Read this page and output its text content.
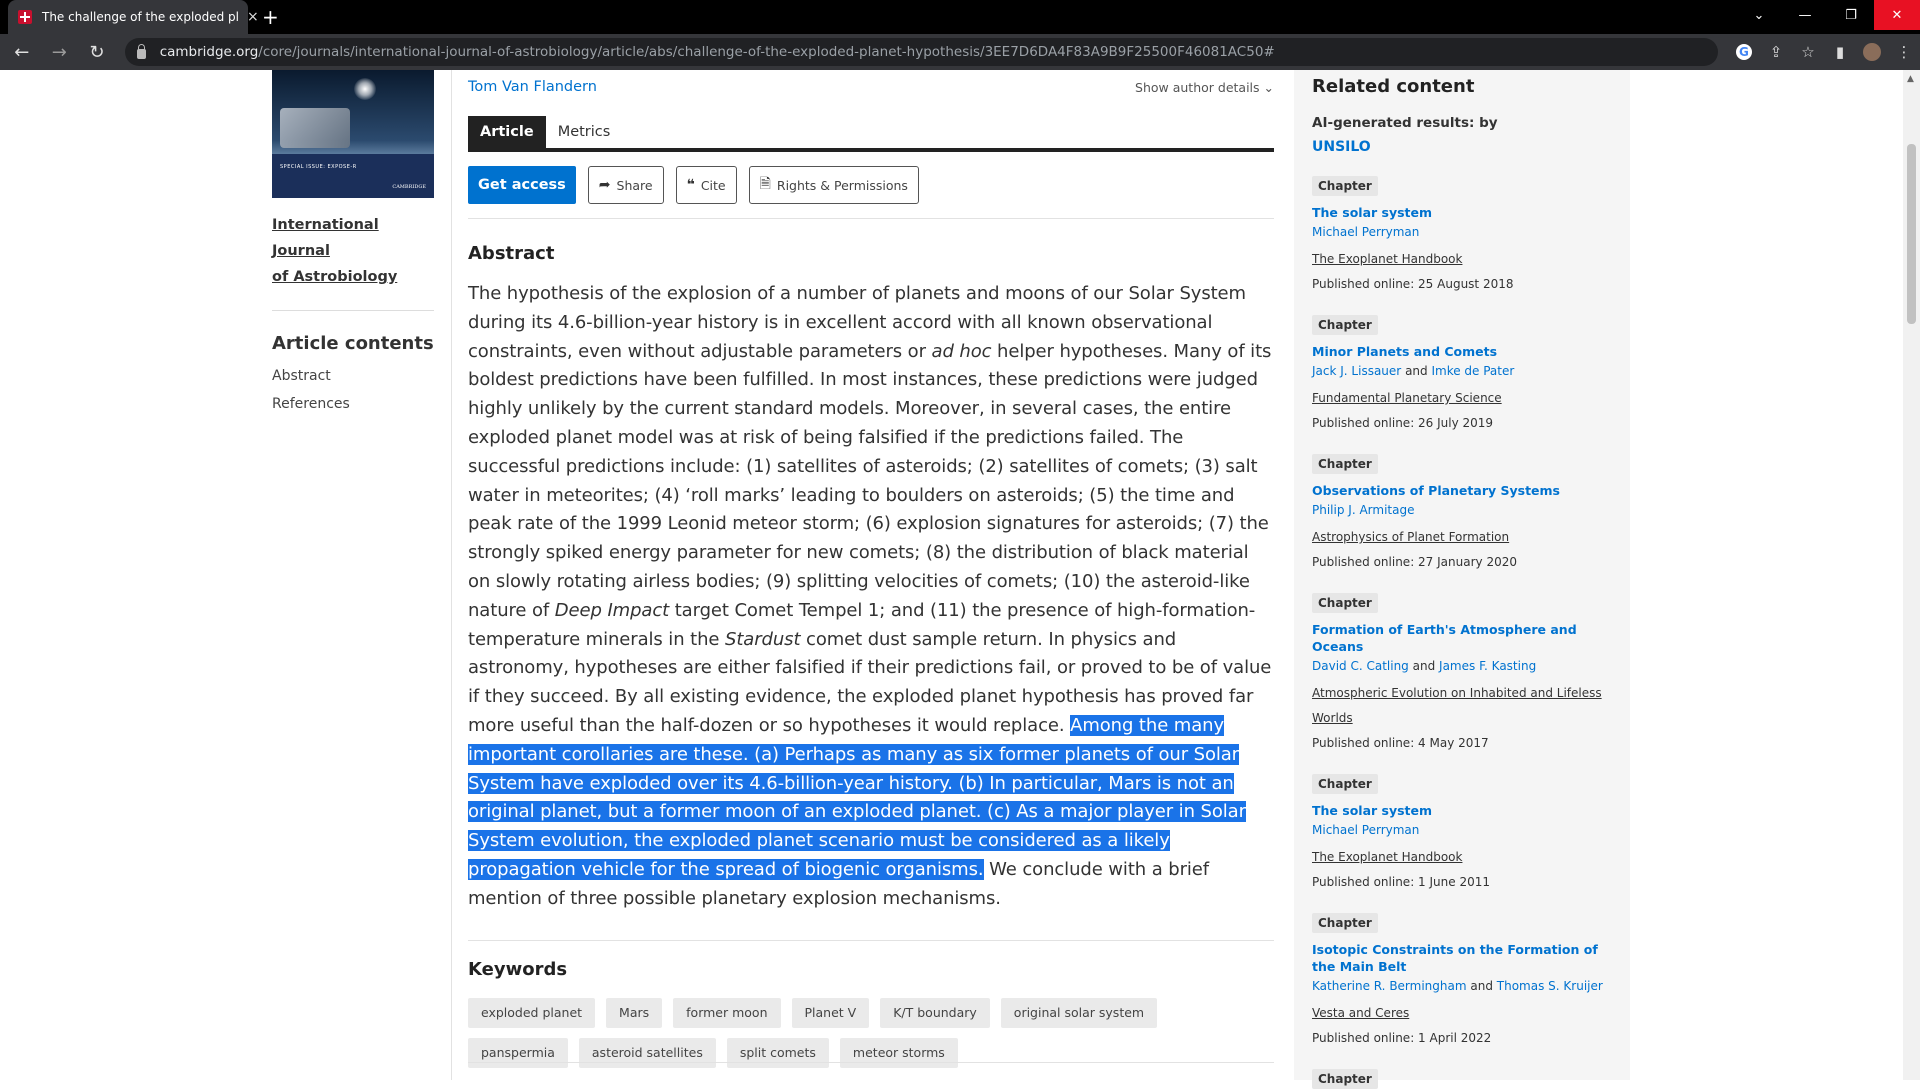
The challenge of the exploded pl × +	⌄	—	❐	✕
←	→	↻	cambridge.org/core/journals/international-journal-of-astrobiology/article/abs/challenge-of-the-exploded-planet-hypothesis/3EE7D6DA4F83A9B9F25500F46081AC50#	G	⇪	☆	▮	⋮
SPECIAL ISSUE: EXPOSE-R
CAMBRIDGE
International Journal
of Astrobiology
Article contents
Abstract
References
Tom Van Flandern	Show author details ⌄
Article	Metrics
Get access	➦ Share ❝ Cite 🗎 Rights & Permissions
Abstract

The hypothesis of the explosion of a number of planets and moons of our Solar System during its 4.6-billion-year history is in excellent accord with all known observational constraints, even without adjustable parameters or ad hoc helper hypotheses. Many of its boldest predictions have been fulfilled. In most instances, these predictions were judged highly unlikely by the current standard models. Moreover, in several cases, the entire exploded planet model was at risk of being falsified if the predictions failed. The successful predictions include: (1) satellites of asteroids; (2) satellites of comets; (3) salt water in meteorites; (4) ‘roll marks’ leading to boulders on asteroids; (5) the time and peak rate of the 1999 Leonid meteor storm; (6) explosion signatures for asteroids; (7) the strongly spiked energy parameter for new comets; (8) the distribution of black material on slowly rotating airless bodies; (9) splitting velocities of comets; (10) the asteroid-like nature of Deep Impact target Comet Tempel 1; and (11) the presence of high-formation-temperature minerals in the Stardust comet dust sample return. In physics and astronomy, hypotheses are either falsified if their predictions fail, or proved to be of value if they succeed. By all existing evidence, the exploded planet hypothesis has proved far more useful than the half-dozen or so hypotheses it would replace. Among the many important corollaries are these. (a) Perhaps as many as six former planets of our Solar System have exploded over its 4.6-billion-year history. (b) In particular, Mars is not an original planet, but a former moon of an exploded planet. (c) As a major player in Solar System evolution, the exploded planet scenario must be considered as a likely propagation vehicle for the spread of biogenic organisms. We conclude with a brief mention of three possible planetary explosion mechanisms.

Keywords
exploded planet	Mars	former moon	Planet V	K/T boundary	original solar system
panspermia	asteroid satellites	split comets	meteor storms
Related content
AI-generated results: by
UNSILO
Chapter
The solar system
Michael Perryman
The Exoplanet Handbook
Published online: 25 August 2018
Chapter
Minor Planets and Comets
Jack J. Lissauer and Imke de Pater
Fundamental Planetary Science
Published online: 26 July 2019
Chapter
Observations of Planetary Systems
Philip J. Armitage
Astrophysics of Planet Formation
Published online: 27 January 2020
Chapter
Formation of Earth's Atmosphere and Oceans
David C. Catling and James F. Kasting
Atmospheric Evolution on Inhabited and Lifeless Worlds
Published online: 4 May 2017
Chapter
The solar system
Michael Perryman
The Exoplanet Handbook
Published online: 1 June 2011
Chapter
Isotopic Constraints on the Formation of the Main Belt
Katherine R. Bermingham and Thomas S. Kruijer
Vesta and Ceres
Published online: 1 April 2022
Chapter
▲
